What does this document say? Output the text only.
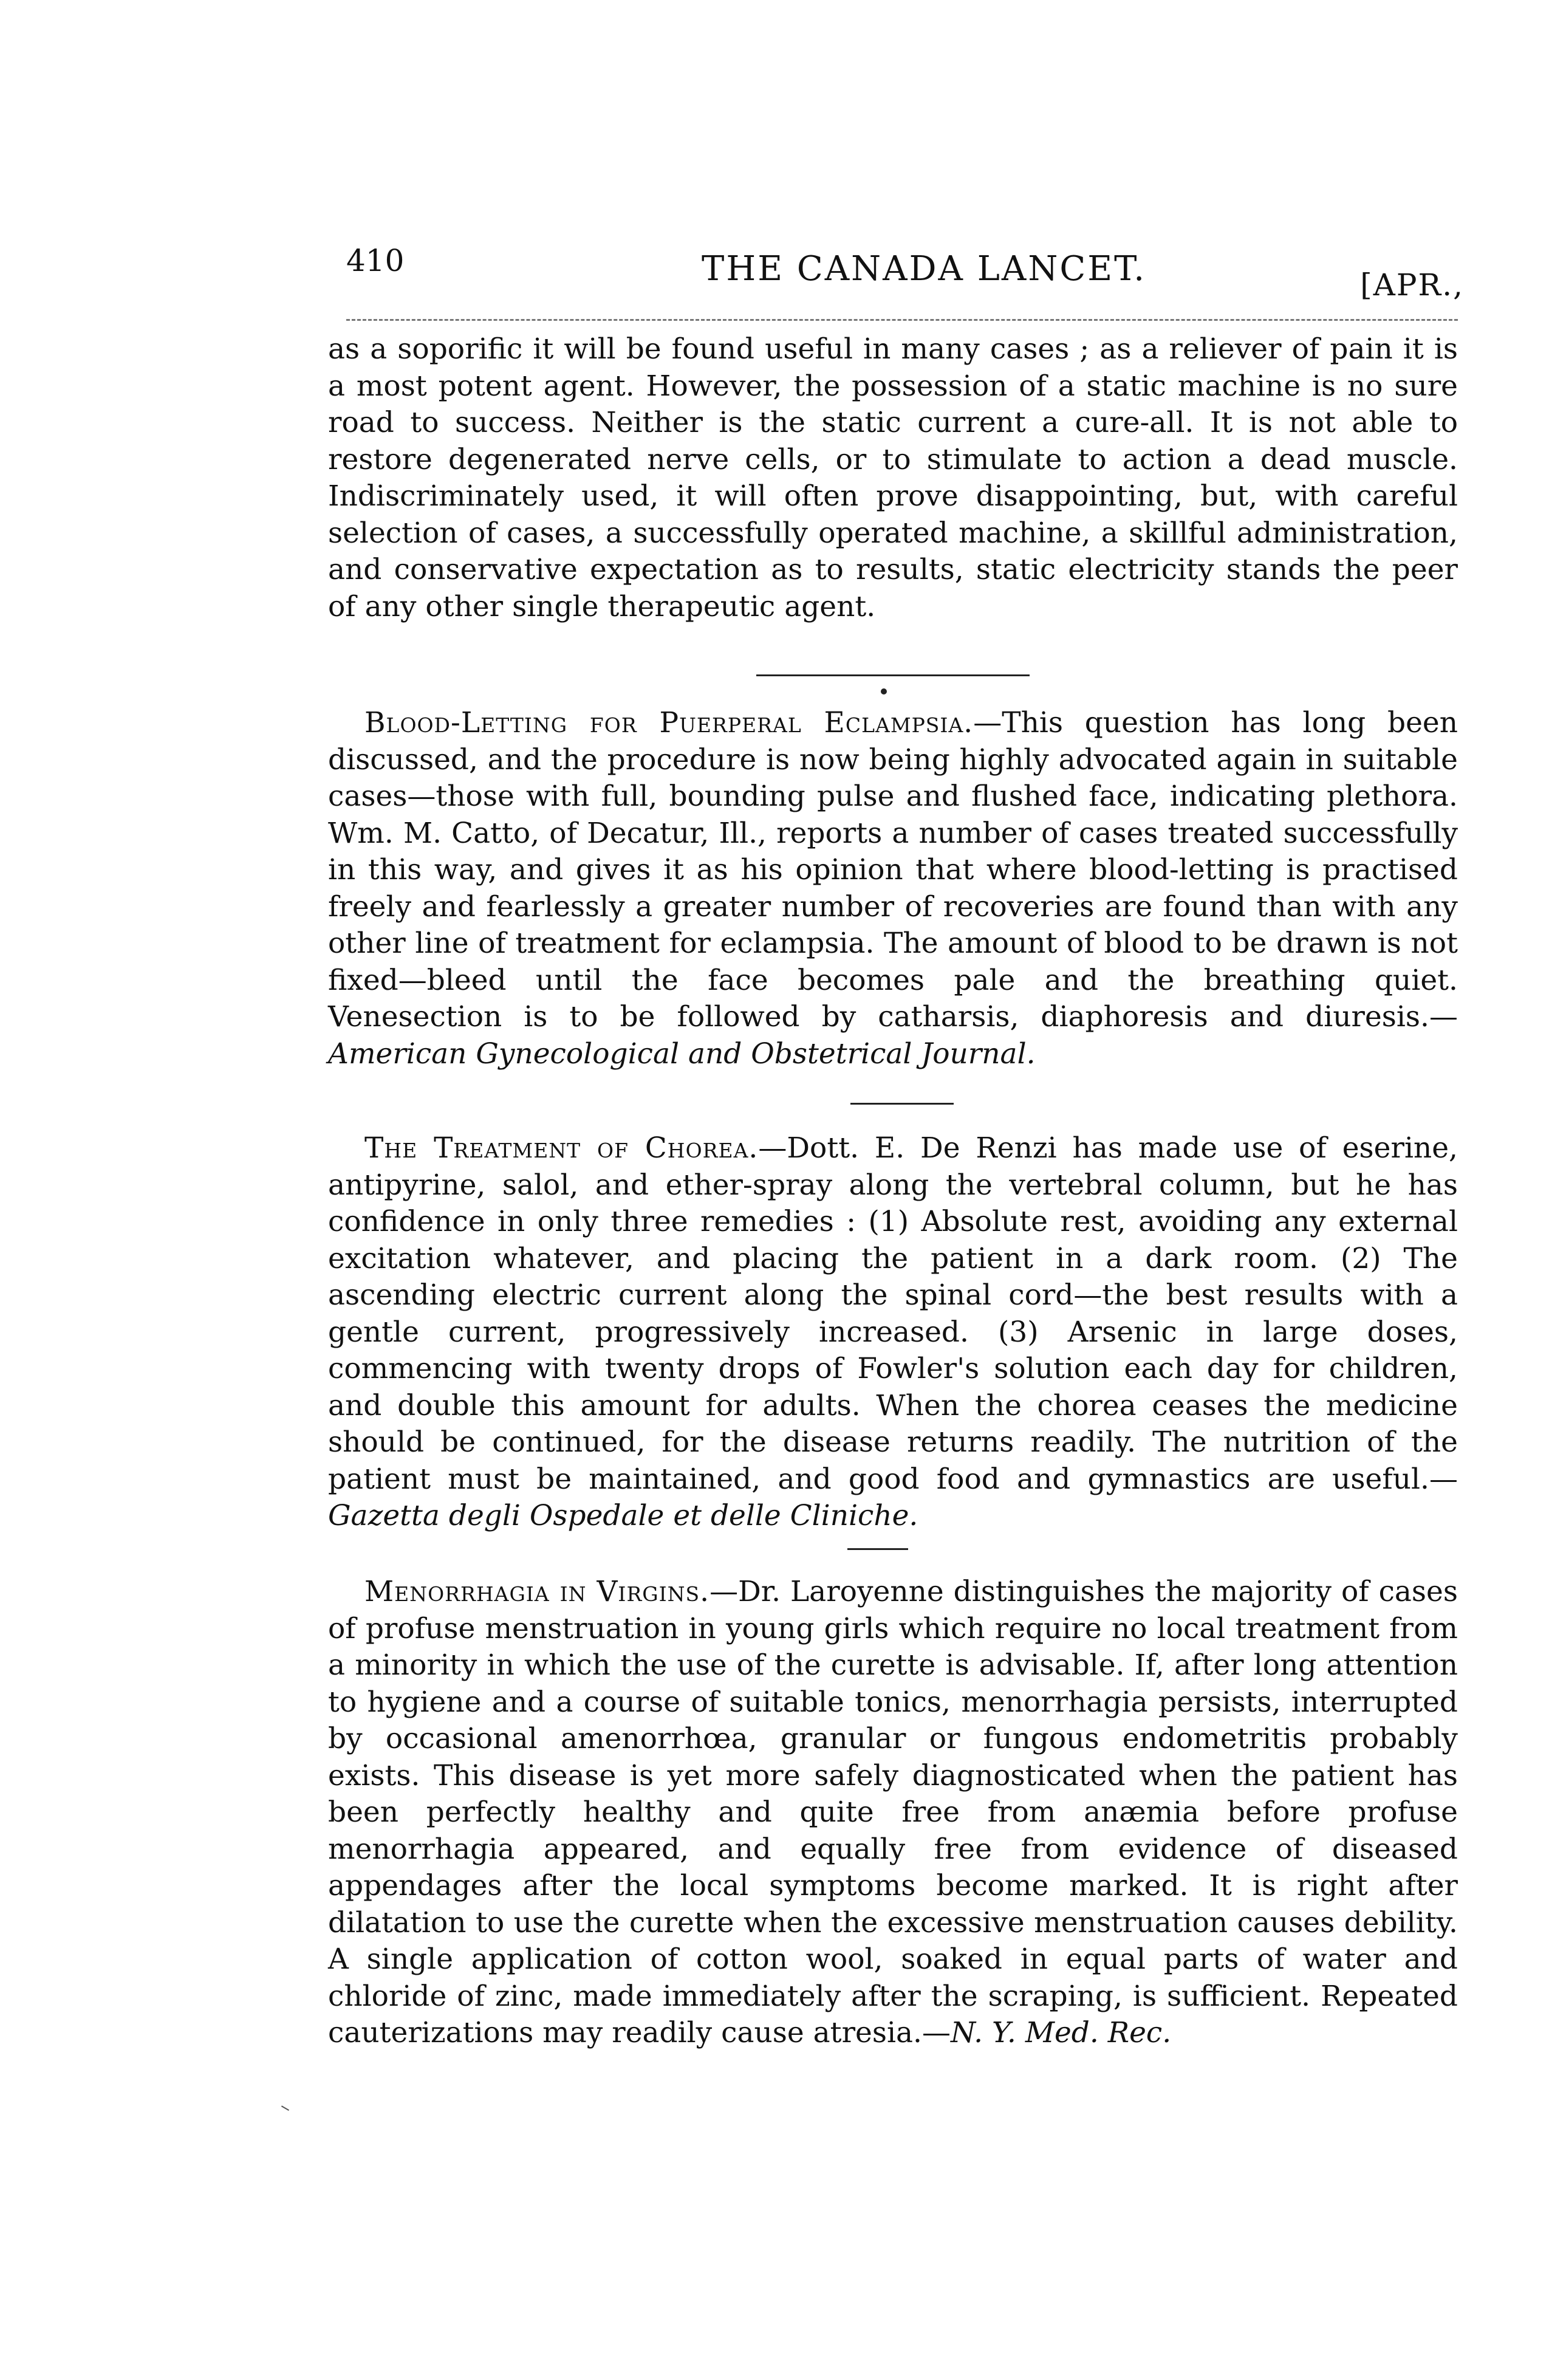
410	THE CANADA LANCET.	[APR.,

as a soporific it will be found useful in many cases ; as a reliever of pain it is a most potent agent. However, the possession of a static machine is no sure road to success. Neither is the static current a cure-all. It is not able to restore degenerated nerve cells, or to stimulate to action a dead muscle. Indiscriminately used, it will often prove disappointing, but, with careful selection of cases, a successfully operated machine, a skillful administration, and conservative expectation as to results, static electricity stands the peer of any other single therapeutic agent.

Blood-Letting for Puerperal Eclampsia.—This question has long been discussed, and the procedure is now being highly advocated again in suitable cases—those with full, bounding pulse and flushed face, indicating plethora. Wm. M. Catto, of Decatur, Ill., reports a number of cases treated successfully in this way, and gives it as his opinion that where blood-letting is practised freely and fearlessly a greater number of recoveries are found than with any other line of treatment for eclampsia. The amount of blood to be drawn is not fixed—bleed until the face becomes pale and the breathing quiet. Venesection is to be followed by catharsis, diaphoresis and diuresis.—American Gynecological and Obstetrical Journal.

The Treatment of Chorea.—Dott. E. De Renzi has made use of eserine, antipyrine, salol, and ether-spray along the vertebral column, but he has confidence in only three remedies : (1) Absolute rest, avoiding any external excitation whatever, and placing the patient in a dark room. (2) The ascending electric current along the spinal cord—the best results with a gentle current, progressively increased. (3) Arsenic in large doses, commencing with twenty drops of Fowler's solution each day for children, and double this amount for adults. When the chorea ceases the medicine should be continued, for the disease returns readily. The nutrition of the patient must be maintained, and good food and gymnastics are useful.—Gazetta degli Ospedale et delle Cliniche.

Menorrhagia in Virgins.—Dr. Laroyenne distinguishes the majority of cases of profuse menstruation in young girls which require no local treatment from a minority in which the use of the curette is advisable. If, after long attention to hygiene and a course of suitable tonics, menorrhagia persists, interrupted by occasional amenorrhœa, granular or fungous endometritis probably exists. This disease is yet more safely diagnosticated when the patient has been perfectly healthy and quite free from anæmia before profuse menorrhagia appeared, and equally free from evidence of diseased appendages after the local symptoms become marked. It is right after dilatation to use the curette when the excessive menstruation causes debility. A single application of cotton wool, soaked in equal parts of water and chloride of zinc, made immediately after the scraping, is sufficient. Repeated cauterizations may readily cause atresia.—N. Y. Med. Rec.
